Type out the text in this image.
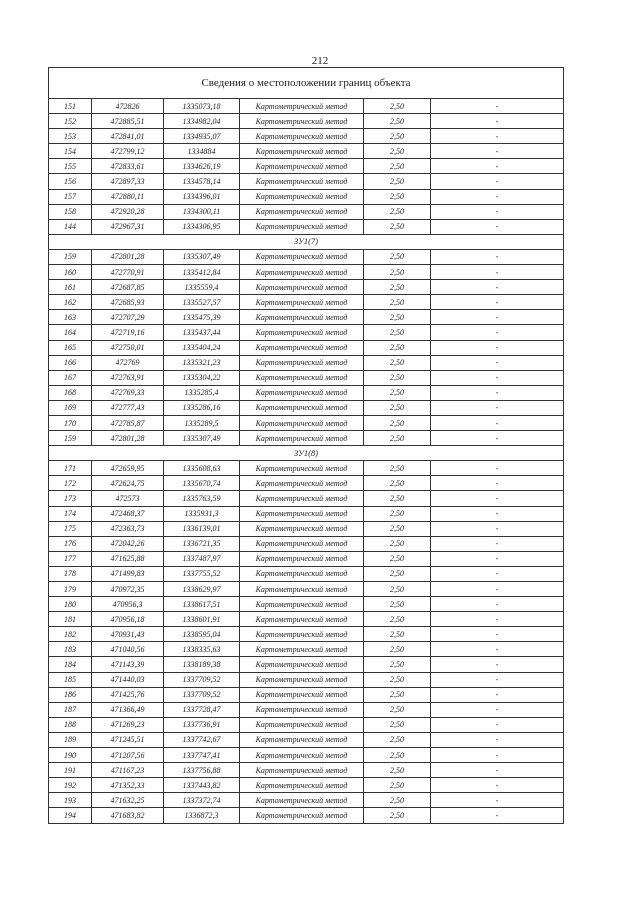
212
Сведения о местоположении границ объекта					
151	472826	1335073,18	Картометрический метод	2,50	-
152	472885,51	1334982,04	Картометрический метод	2,50	-
153	472841,01	1334935,07	Картометрический метод	2,50	-
154	472799,12	1334884	Картометрический метод	2,50	-
155	472833,61	1334626,19	Картометрический метод	2,50	-
156	472897,33	1334578,14	Картометрический метод	2,50	-
157	472880,11	1334396,01	Картометрический метод	2,50	-
158	472920,28	1334300,11	Картометрический метод	2,50	-
144	472967,31	1334306,95	Картометрический метод	2,50	-
ЗУ1(7)					
159	472801,28	1335307,49	Картометрический метод	2,50	-
160	472770,91	1335412,84	Картометрический метод	2,50	-
161	472687,85	1335559,4	Картометрический метод	2,50	-
162	472685,93	1335527,57	Картометрический метод	2,50	-
163	472707,29	1335475,39	Картометрический метод	2,50	-
164	472719,16	1335437,44	Картометрический метод	2,50	-
165	472750,01	1335404,24	Картометрический метод	2,50	-
166	472769	1335321,23	Картометрический метод	2,50	-
167	472763,91	1335304,22	Картометрический метод	2,50	-
168	472769,33	1335285,4	Картометрический метод	2,50	-
169	472777,43	1335286,16	Картометрический метод	2,50	-
170	472785,87	1335289,5	Картометрический метод	2,50	-
159	472801,28	1335307,49	Картометрический метод	2,50	-
ЗУ1(8)					
171	472659,95	1335608,63	Картометрический метод	2,50	-
172	472624,75	1335670,74	Картометрический метод	2,50	-
173	472573	1335763,59	Картометрический метод	2,50	-
174	472468,37	1335931,3	Картометрический метод	2,50	-
175	472363,73	1336139,01	Картометрический метод	2,50	-
176	472042,26	1336721,35	Картометрический метод	2,50	-
177	471625,88	1337487,97	Картометрический метод	2,50	-
178	471499,83	1337755,52	Картометрический метод	2,50	-
179	470972,35	1338629,97	Картометрический метод	2,50	-
180	470956,3	1338617,51	Картометрический метод	2,50	-
181	470956,18	1338601,91	Картометрический метод	2,50	-
182	470931,43	1338595,04	Картометрический метод	2,50	-
183	471040,56	1338335,63	Картометрический метод	2,50	-
184	471143,39	1338189,38	Картометрический метод	2,50	-
185	471440,03	1337709,52	Картометрический метод	2,50	-
186	471425,76	1337709,52	Картометрический метод	2,50	-
187	471366,49	1337728,47	Картометрический метод	2,50	-
188	471269,23	1337736,91	Картометрический метод	2,50	-
189	471245,51	1337742,67	Картометрический метод	2,50	-
190	471207,56	1337747,41	Картометрический метод	2,50	-
191	471167,23	1337756,88	Картометрический метод	2,50	-
192	471352,33	1337443,82	Картометрический метод	2,50	-
193	471632,25	1337372,74	Картометрический метод	2,50	-
194	471683,82	1336872,3	Картометрический метод	2,50	-
